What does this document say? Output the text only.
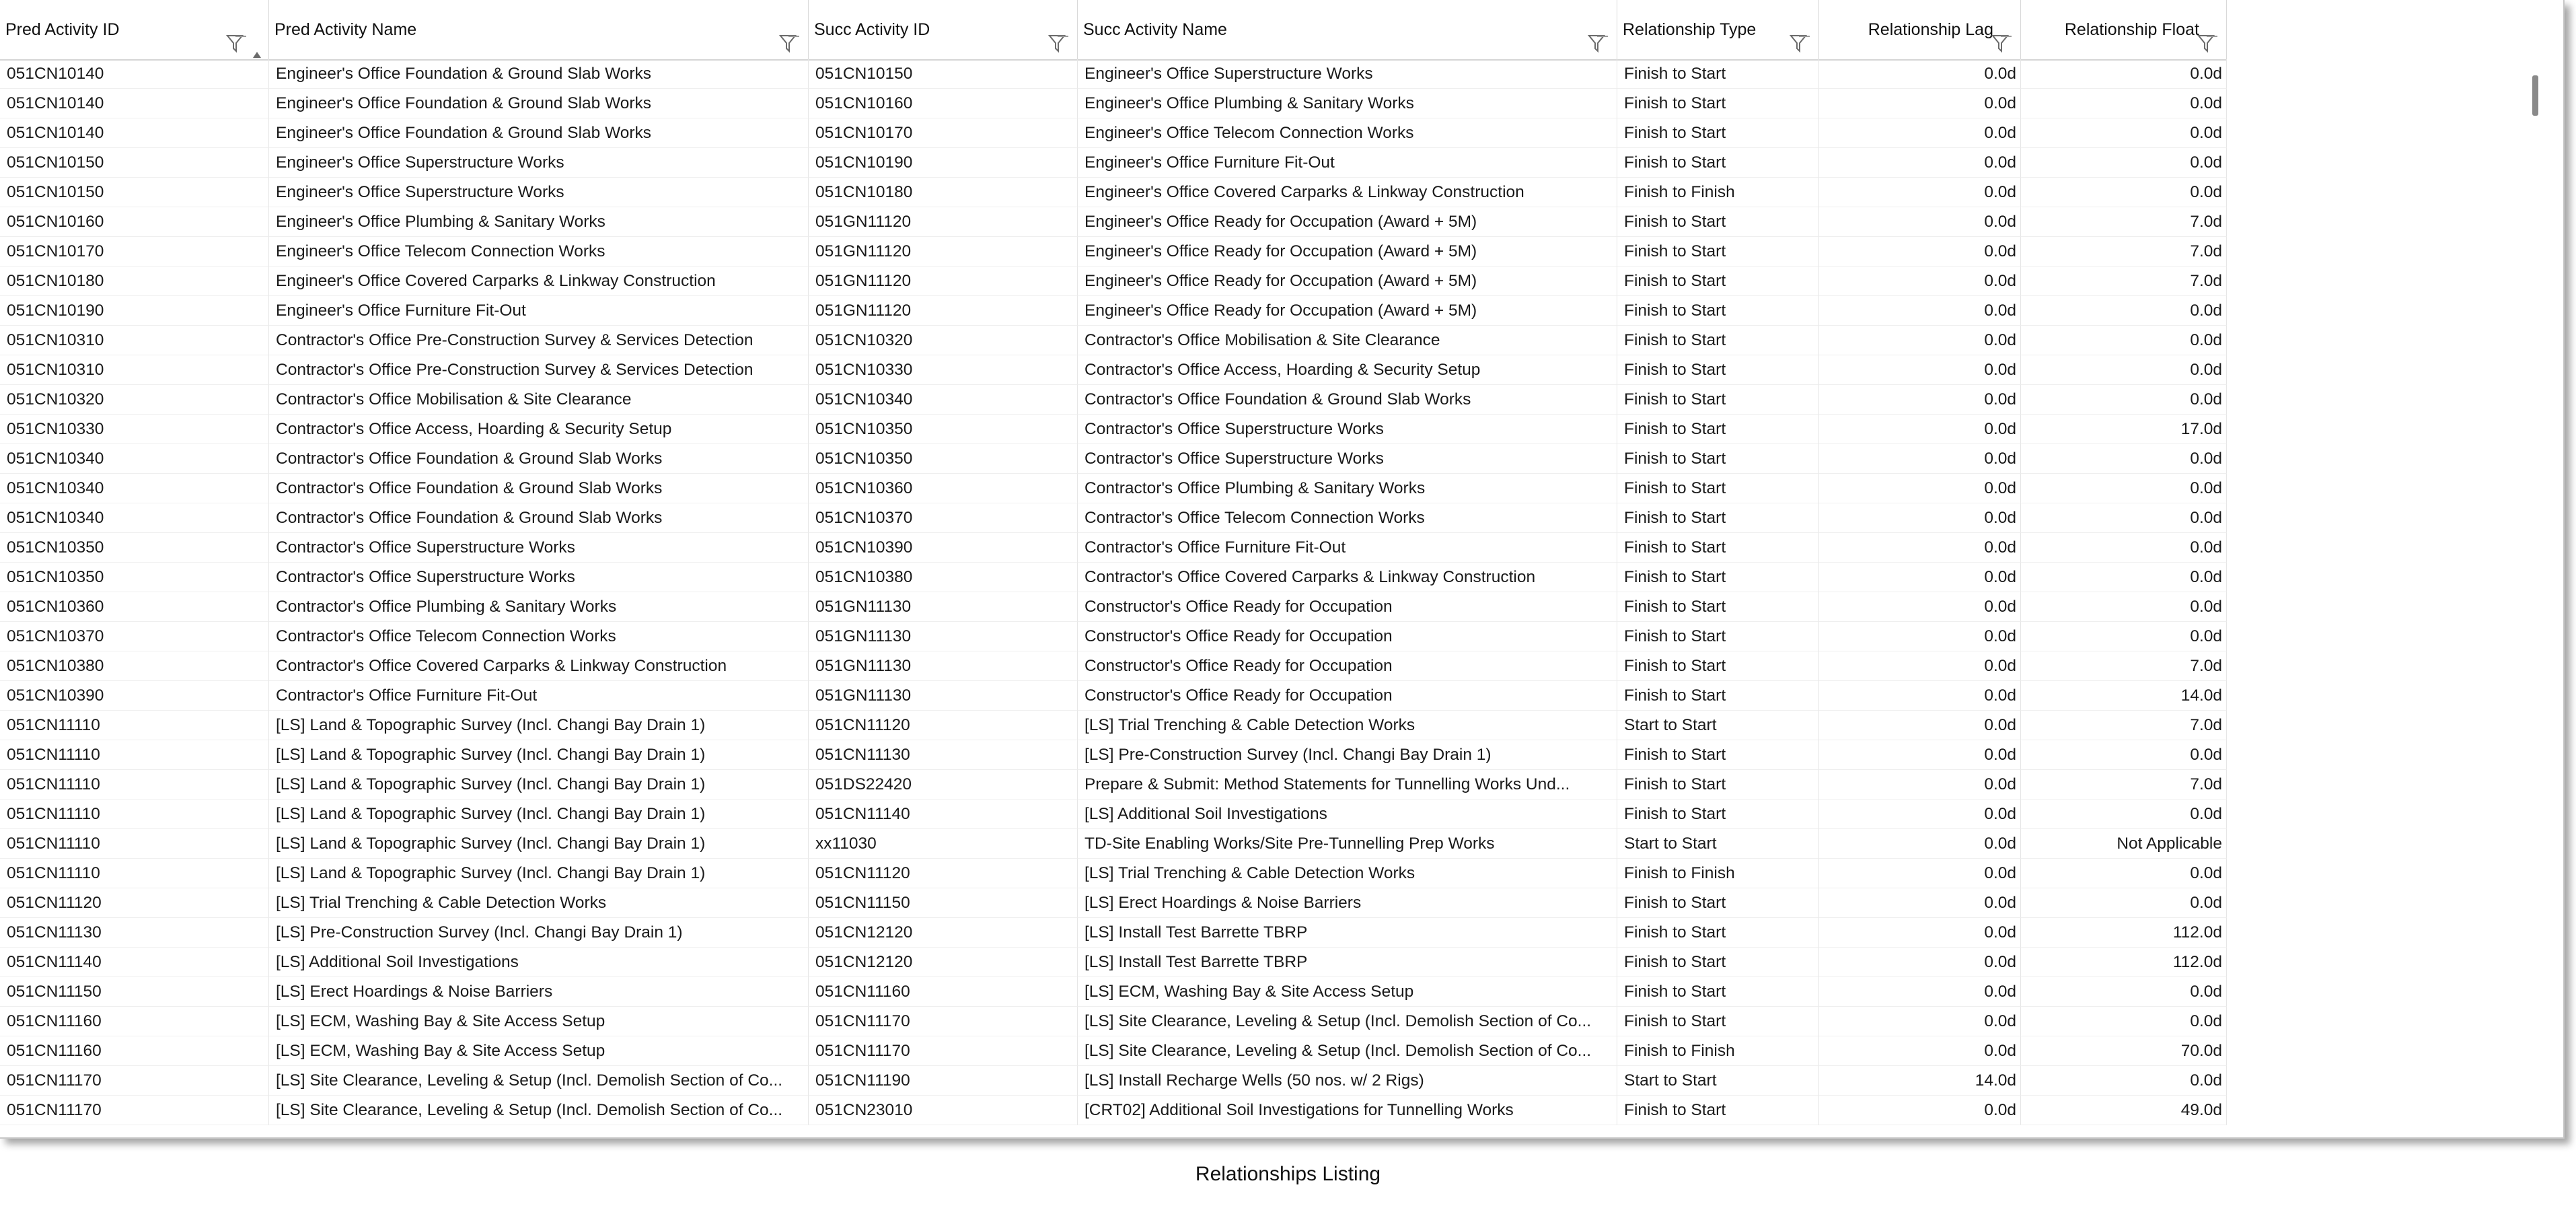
Pred Activity ID	Pred Activity Name	Succ Activity ID	Succ Activity Name	Relationship Type	Relationship Lag	Relationship Float
051CN10140	Engineer's Office Foundation & Ground Slab Works	051CN10150	Engineer's Office Superstructure Works	Finish to Start	0.0d	0.0d
051CN10140	Engineer's Office Foundation & Ground Slab Works	051CN10160	Engineer's Office Plumbing & Sanitary Works	Finish to Start	0.0d	0.0d
051CN10140	Engineer's Office Foundation & Ground Slab Works	051CN10170	Engineer's Office Telecom Connection Works	Finish to Start	0.0d	0.0d
051CN10150	Engineer's Office Superstructure Works	051CN10190	Engineer's Office Furniture Fit-Out	Finish to Start	0.0d	0.0d
051CN10150	Engineer's Office Superstructure Works	051CN10180	Engineer's Office Covered Carparks & Linkway Construction	Finish to Finish	0.0d	0.0d
051CN10160	Engineer's Office Plumbing & Sanitary Works	051GN11120	Engineer's Office Ready for Occupation (Award + 5M)	Finish to Start	0.0d	7.0d
051CN10170	Engineer's Office Telecom Connection Works	051GN11120	Engineer's Office Ready for Occupation (Award + 5M)	Finish to Start	0.0d	7.0d
051CN10180	Engineer's Office Covered Carparks & Linkway Construction	051GN11120	Engineer's Office Ready for Occupation (Award + 5M)	Finish to Start	0.0d	7.0d
051CN10190	Engineer's Office Furniture Fit-Out	051GN11120	Engineer's Office Ready for Occupation (Award + 5M)	Finish to Start	0.0d	0.0d
051CN10310	Contractor's Office Pre-Construction Survey & Services Detection	051CN10320	Contractor's Office Mobilisation & Site Clearance	Finish to Start	0.0d	0.0d
051CN10310	Contractor's Office Pre-Construction Survey & Services Detection	051CN10330	Contractor's Office Access, Hoarding & Security Setup	Finish to Start	0.0d	0.0d
051CN10320	Contractor's Office Mobilisation & Site Clearance	051CN10340	Contractor's Office Foundation & Ground Slab Works	Finish to Start	0.0d	0.0d
051CN10330	Contractor's Office Access, Hoarding & Security Setup	051CN10350	Contractor's Office Superstructure Works	Finish to Start	0.0d	17.0d
051CN10340	Contractor's Office Foundation & Ground Slab Works	051CN10350	Contractor's Office Superstructure Works	Finish to Start	0.0d	0.0d
051CN10340	Contractor's Office Foundation & Ground Slab Works	051CN10360	Contractor's Office Plumbing & Sanitary Works	Finish to Start	0.0d	0.0d
051CN10340	Contractor's Office Foundation & Ground Slab Works	051CN10370	Contractor's Office Telecom Connection Works	Finish to Start	0.0d	0.0d
051CN10350	Contractor's Office Superstructure Works	051CN10390	Contractor's Office Furniture Fit-Out	Finish to Start	0.0d	0.0d
051CN10350	Contractor's Office Superstructure Works	051CN10380	Contractor's Office Covered Carparks & Linkway Construction	Finish to Start	0.0d	0.0d
051CN10360	Contractor's Office Plumbing & Sanitary Works	051GN11130	Constructor's Office Ready for Occupation	Finish to Start	0.0d	0.0d
051CN10370	Contractor's Office Telecom Connection Works	051GN11130	Constructor's Office Ready for Occupation	Finish to Start	0.0d	0.0d
051CN10380	Contractor's Office Covered Carparks & Linkway Construction	051GN11130	Constructor's Office Ready for Occupation	Finish to Start	0.0d	7.0d
051CN10390	Contractor's Office Furniture Fit-Out	051GN11130	Constructor's Office Ready for Occupation	Finish to Start	0.0d	14.0d
051CN11110	[LS] Land & Topographic Survey (Incl. Changi Bay Drain 1)	051CN11120	[LS] Trial Trenching & Cable Detection Works	Start to Start	0.0d	7.0d
051CN11110	[LS] Land & Topographic Survey (Incl. Changi Bay Drain 1)	051CN11130	[LS] Pre-Construction Survey (Incl. Changi Bay Drain 1)	Finish to Start	0.0d	0.0d
051CN11110	[LS] Land & Topographic Survey (Incl. Changi Bay Drain 1)	051DS22420	Prepare & Submit: Method Statements for Tunnelling Works Und...	Finish to Start	0.0d	7.0d
051CN11110	[LS] Land & Topographic Survey (Incl. Changi Bay Drain 1)	051CN11140	[LS] Additional Soil Investigations	Finish to Start	0.0d	0.0d
051CN11110	[LS] Land & Topographic Survey (Incl. Changi Bay Drain 1)	xx11030	TD-Site Enabling Works/Site Pre-Tunnelling Prep Works	Start to Start	0.0d	Not Applicable
051CN11110	[LS] Land & Topographic Survey (Incl. Changi Bay Drain 1)	051CN11120	[LS] Trial Trenching & Cable Detection Works	Finish to Finish	0.0d	0.0d
051CN11120	[LS] Trial Trenching & Cable Detection Works	051CN11150	[LS] Erect Hoardings & Noise Barriers	Finish to Start	0.0d	0.0d
051CN11130	[LS] Pre-Construction Survey (Incl. Changi Bay Drain 1)	051CN12120	[LS] Install Test Barrette TBRP	Finish to Start	0.0d	112.0d
051CN11140	[LS] Additional Soil Investigations	051CN12120	[LS] Install Test Barrette TBRP	Finish to Start	0.0d	112.0d
051CN11150	[LS] Erect Hoardings & Noise Barriers	051CN11160	[LS] ECM, Washing Bay & Site Access Setup	Finish to Start	0.0d	0.0d
051CN11160	[LS] ECM, Washing Bay & Site Access Setup	051CN11170	[LS] Site Clearance, Leveling & Setup (Incl. Demolish Section of Co...	Finish to Start	0.0d	0.0d
051CN11160	[LS] ECM, Washing Bay & Site Access Setup	051CN11170	[LS] Site Clearance, Leveling & Setup (Incl. Demolish Section of Co...	Finish to Finish	0.0d	70.0d
051CN11170	[LS] Site Clearance, Leveling & Setup (Incl. Demolish Section of Co...	051CN11190	[LS] Install Recharge Wells (50 nos. w/ 2 Rigs)	Start to Start	14.0d	0.0d
051CN11170	[LS] Site Clearance, Leveling & Setup (Incl. Demolish Section of Co...	051CN23010	[CRT02] Additional Soil Investigations for Tunnelling Works	Finish to Start	0.0d	49.0d
Relationships Listing
